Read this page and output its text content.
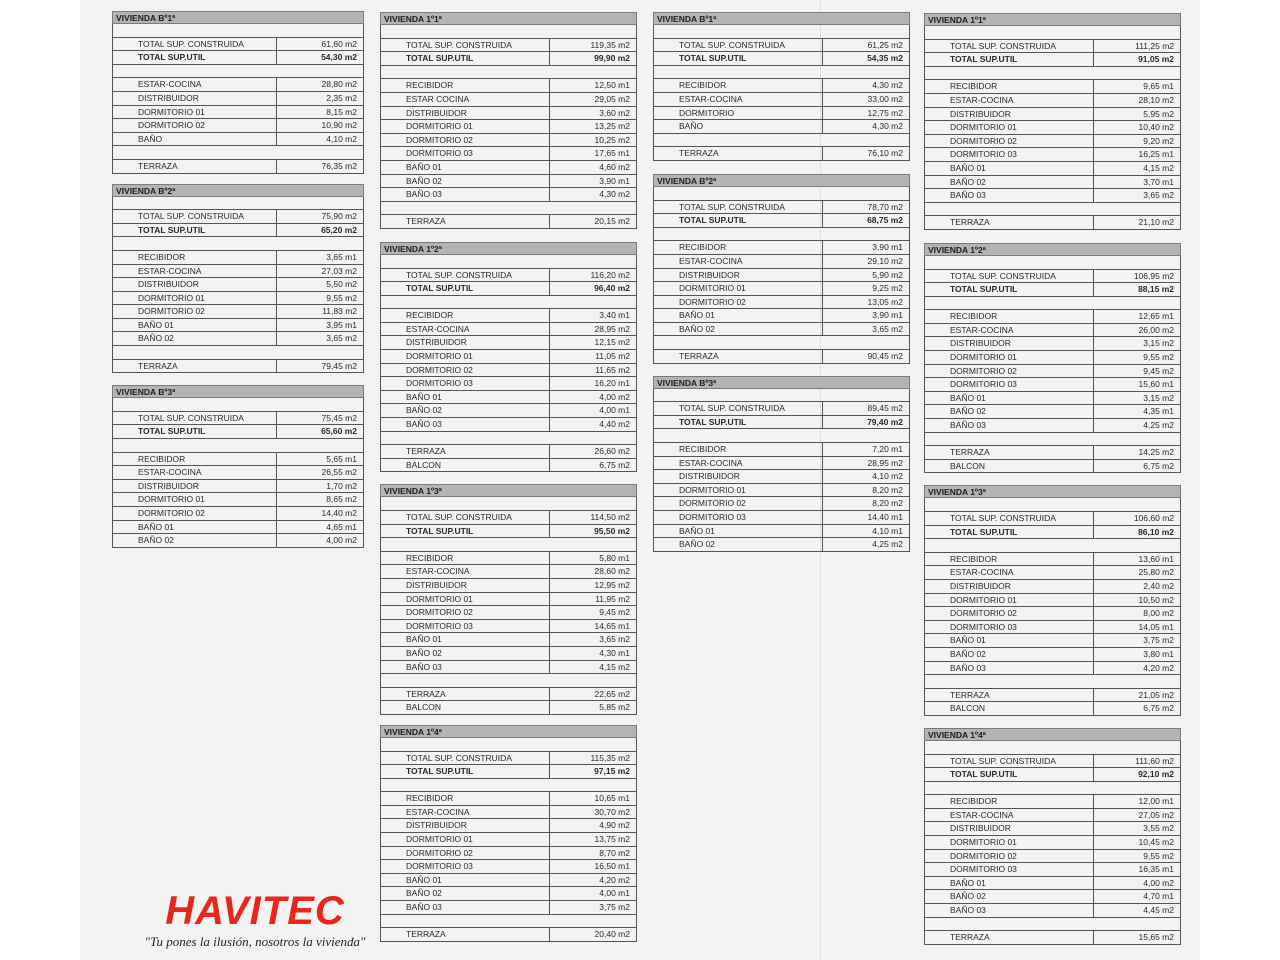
VIVIENDA Bº1ª
TOTAL SUP. CONSTRUIDA	61,60 m2
TOTAL SUP.UTIL	54,30 m2
ESTAR-COCINA	28,80 m2
DISTRIBUIDOR	2,35 m2
DORMITORIO 01	8,15 m2
DORMITORIO 02	10,90 m2
BAÑO	4,10 m2
TERRAZA	76,35 m2
VIVIENDA Bº2ª
TOTAL SUP. CONSTRUIDA	75,90 m2
TOTAL SUP.UTIL	65,20 m2
RECIBIDOR	3,65 m1
ESTAR-COCINA	27,03 m2
DISTRIBUIDOR	5,50 m2
DORMITORIO 01	9,55 m2
DORMITORIO 02	11,83 m2
BAÑO 01	3,95 m1
BAÑO 02	3,65 m2
TERRAZA	79,45 m2
VIVIENDA Bº3ª
TOTAL SUP. CONSTRUIDA	75,45 m2
TOTAL SUP.UTIL	65,60 m2
RECIBIDOR	5,65 m1
ESTAR-COCINA	26,55 m2
DISTRIBUIDOR	1,70 m2
DORMITORIO 01	8,65 m2
DORMITORIO 02	14,40 m2
BAÑO 01	4,65 m1
BAÑO 02	4,00 m2
VIVIENDA 1º1ª
TOTAL SUP. CONSTRUIDA	119,35 m2
TOTAL SUP.UTIL	99,90 m2
RECIBIDOR	12,50 m1
ESTAR COCINA	29,05 m2
DISTRIBUIDOR	3,60 m2
DORMITORIO 01	13,25 m2
DORMITORIO 02	10,25 m2
DORMITORIO 03	17,65 m1
BAÑO 01	4,60 m2
BAÑO 02	3,90 m1
BAÑO 03	4,30 m2
TERRAZA	20,15 m2
VIVIENDA 1º2ª
TOTAL SUP. CONSTRUIDA	116,20 m2
TOTAL SUP.UTIL	96,40 m2
RECIBIDOR	3,40 m1
ESTAR-COCINA	28,95 m2
DISTRIBUIDOR	12,15 m2
DORMITORIO 01	11,05 m2
DORMITORIO 02	11,65 m2
DORMITORIO 03	16,20 m1
BAÑO 01	4,00 m2
BAÑO 02	4,00 m1
BAÑO 03	4,40 m2
TERRAZA	26,60 m2
BALCON	6,75 m2
VIVIENDA 1º3ª
TOTAL SUP. CONSTRUIDA	114,50 m2
TOTAL SUP.UTIL	95,50 m2
RECIBIDOR	5,80 m1
ESTAR-COCINA	28,60 m2
DISTRIBUIDOR	12,95 m2
DORMITORIO 01	11,95 m2
DORMITORIO 02	9,45 m2
DORMITORIO 03	14,65 m1
BAÑO 01	3,65 m2
BAÑO 02	4,30 m1
BAÑO 03	4,15 m2
TERRAZA	22,65 m2
BALCON	5,85 m2
VIVIENDA 1º4ª
TOTAL SUP. CONSTRUIDA	115,35 m2
TOTAL SUP.UTIL	97,15 m2
RECIBIDOR	10,65 m1
ESTAR-COCINA	30,70 m2
DISTRIBUIDOR	4,90 m2
DORMITORIO 01	13,75 m2
DORMITORIO 02	8,70 m2
DORMITORIO 03	16,50 m1
BAÑO 01	4,20 m2
BAÑO 02	4,00 m1
BAÑO 03	3,75 m2
TERRAZA	20,40 m2
VIVIENDA Bº1ª
TOTAL SUP. CONSTRUIDA	61,25 m2
TOTAL SUP.UTIL	54,35 m2
RECIBIDOR	4,30 m2
ESTAR-COCINA	33,00 m2
DORMITORIO	12,75 m2
BAÑO	4,30 m2
TERRAZA	76,10 m2
VIVIENDA Bº2ª
TOTAL SUP. CONSTRUIDA	78,70 m2
TOTAL SUP.UTIL	68,75 m2
RECIBIDOR	3,90 m1
ESTAR-COCINA	29,10 m2
DISTRIBUIDOR	5,90 m2
DORMITORIO 01	9,25 m2
DORMITORIO 02	13,05 m2
BAÑO 01	3,90 m1
BAÑO 02	3,65 m2
TERRAZA	90,45 m2
VIVIENDA Bº3ª
TOTAL SUP. CONSTRUIDA	89,45 m2
TOTAL SUP.UTIL	79,40 m2
RECIBIDOR	7,20 m1
ESTAR-COCINA	28,95 m2
DISTRIBUIDOR	4,10 m2
DORMITORIO 01	8,20 m2
DORMITORIO 02	8,20 m2
DORMITORIO 03	14,40 m1
BAÑO 01	4,10 m1
BAÑO 02	4,25 m2
VIVIENDA 1º1ª
TOTAL SUP. CONSTRUIDA	111,25 m2
TOTAL SUP.UTIL	91,05 m2
RECIBIDOR	9,65 m1
ESTAR-COCINA	28,10 m2
DISTRIBUIDOR	5,95 m2
DORMITORIO 01	10,40 m2
DORMITORIO 02	9,20 m2
DORMITORIO 03	16,25 m1
BAÑO 01	4,15 m2
BAÑO 02	3,70 m1
BAÑO 03	3,65 m2
TERRAZA	21,10 m2
VIVIENDA 1º2ª
TOTAL SUP. CONSTRUIDA	106,95 m2
TOTAL SUP.UTIL	88,15 m2
RECIBIDOR	12,65 m1
ESTAR-COCINA	26,00 m2
DISTRIBUIDOR	3,15 m2
DORMITORIO 01	9,55 m2
DORMITORIO 02	9,45 m2
DORMITORIO 03	15,60 m1
BAÑO 01	3,15 m2
BAÑO 02	4,35 m1
BAÑO 03	4,25 m2
TERRAZA	14,25 m2
BALCON	6,75 m2
VIVIENDA 1º3ª
TOTAL SUP. CONSTRUIDA	106,60 m2
TOTAL SUP.UTIL	86,10 m2
RECIBIDOR	13,60 m1
ESTAR-COCINA	25,80 m2
DISTRIBUIDOR	2,40 m2
DORMITORIO 01	10,50 m2
DORMITORIO 02	8,00 m2
DORMITORIO 03	14,05 m1
BAÑO 01	3,75 m2
BAÑO 02	3,80 m1
BAÑO 03	4,20 m2
TERRAZA	21,05 m2
BALCON	6,75 m2
VIVIENDA 1º4ª
TOTAL SUP. CONSTRUIDA	111,60 m2
TOTAL SUP.UTIL	92,10 m2
RECIBIDOR	12,00 m1
ESTAR-COCINA	27,05 m2
DISTRIBUIDOR	3,55 m2
DORMITORIO 01	10,45 m2
DORMITORIO 02	9,55 m2
DORMITORIO 03	16,35 m1
BAÑO 01	4,00 m2
BAÑO 02	4,70 m1
BAÑO 03	4,45 m2
TERRAZA	15,65 m2
HAVITEC
"Tu pones la ilusión, nosotros la vivienda"
